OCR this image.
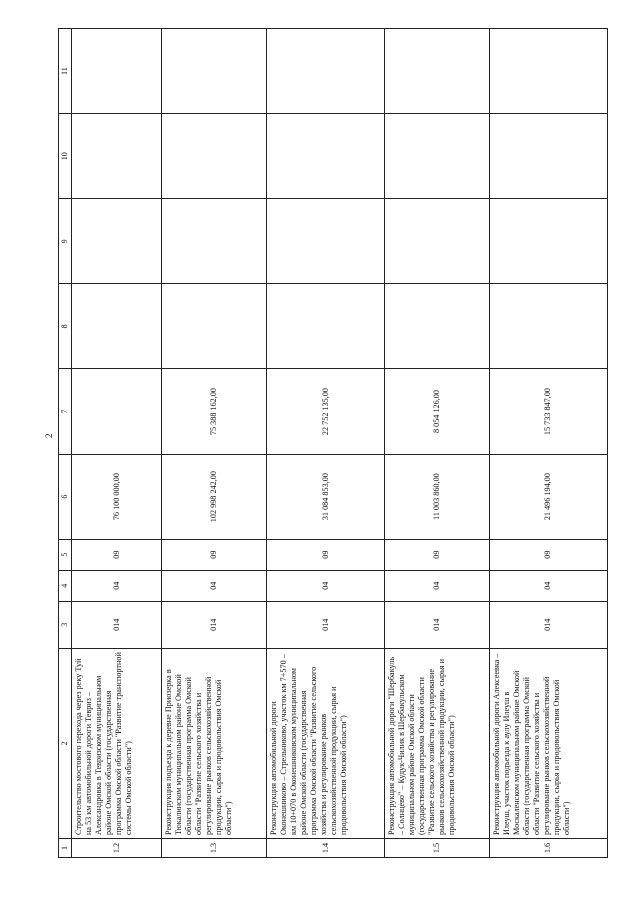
2
1	2	3	4	5	6	7	8	9	10	11
1.2	Строительство мостового перехода через реку Туй на 53 км автомобильной дороги Тевриз – Александровка в Тевризском муниципальном районе Омской области (государственная программа Омской области "Развитие транспортной системы Омской области")	014	04	09	76 100 000,00					
1.3	Реконструкция подъезда к деревне Приозерка в Тюкалинском муниципальном районе Омской области (государственная программа Омской области "Развитие сельского хозяйства и регулирование рынков сельскохозяйственной продукции, сырья и продовольствия Омской области")	014	04	09	102 998 242,00	75 388 162,00				
1.4	Реконструкция автомобильной дороги Оконешниково – Стрельниково, участок км 7+570 – км 10+070 в Оконешниковском муниципальном районе Омской области (государственная программа Омской области "Развитие сельского хозяйства и регулирование рынков сельскохозяйственной продукции, сырья и продовольствия Омской области")	014	04	09	31 084 853,00	22 752 135,00				
1.5	Реконструкция автомобильной дороги "Шербакуль – Солнцево" – Кудук-Чилик в Шербакульском муниципальном районе Омской области (государственная программа Омской области "Развитие сельского хозяйства и регулирование рынков сельскохозяйственной продукции, сырья и продовольствия Омской области")	014	04	09	11 003 860,00	8 054 126,00				
1.6	Реконструкция автомобильной дороги Алексеевка – Илеуш, участок подъезда к аулу Илеуш в Москаленском муниципальном районе Омской области (государственная программа Омской области "Развитие сельского хозяйства и регулирование рынков сельскохозяйственной продукции, сырья и продовольствия Омской области")	014	04	09	21 496 194,00	15 733 847,00				
